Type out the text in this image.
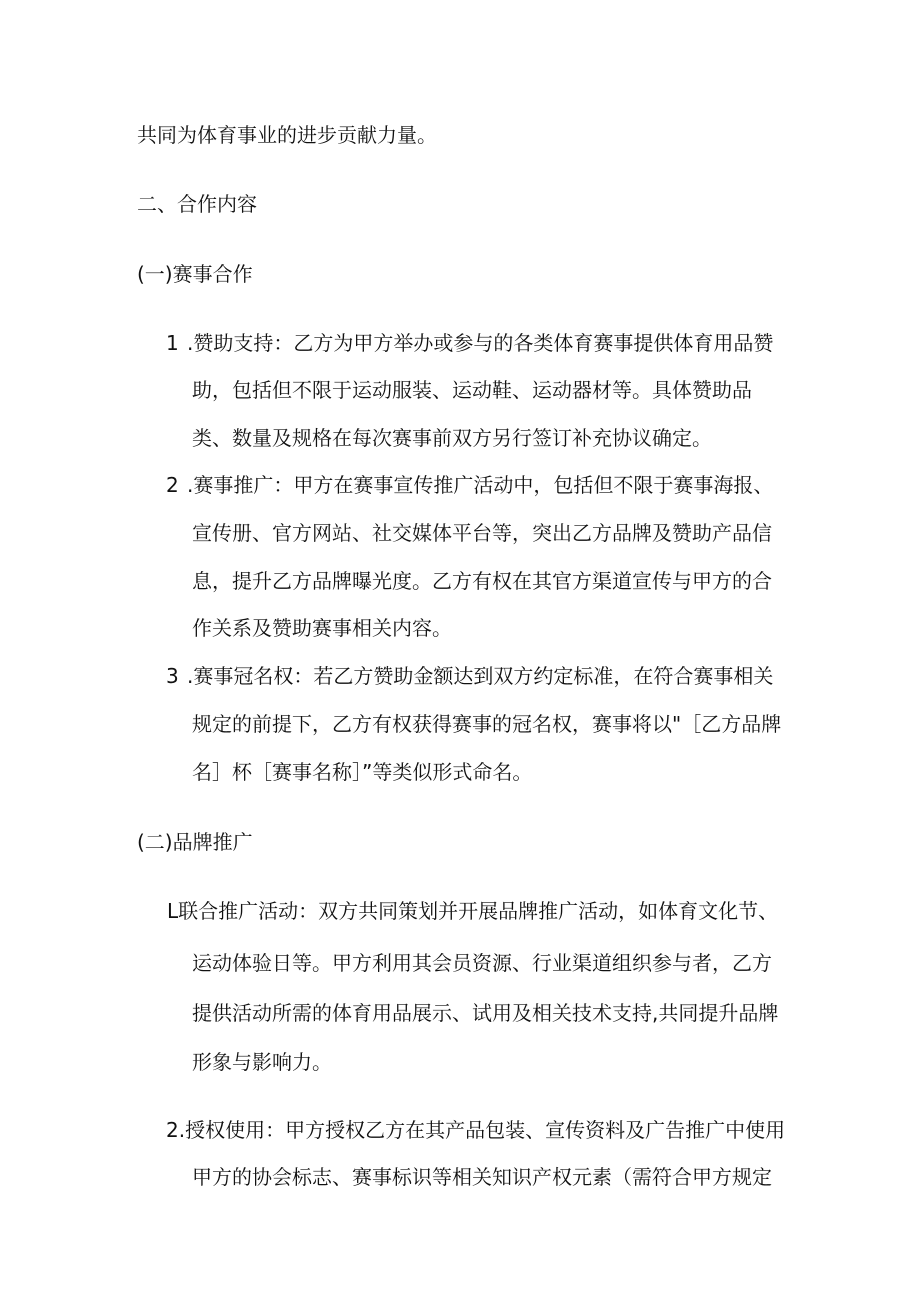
共同为体育事业的进步贡献力量。

二、合作内容

(一)赛事合作

1 .赞助支持：乙方为甲方举办或参与的各类体育赛事提供体育用品赞

助，包括但不限于运动服装、运动鞋、运动器材等。具体赞助品

类、数量及规格在每次赛事前双方另行签订补充协议确定。

2 .赛事推广：甲方在赛事宣传推广活动中，包括但不限于赛事海报、

宣传册、官方网站、社交媒体平台等，突出乙方品牌及赞助产品信

息，提升乙方品牌曝光度。乙方有权在其官方渠道宣传与甲方的合

作关系及赞助赛事相关内容。

3 .赛事冠名权：若乙方赞助金额达到双方约定标准，在符合赛事相关

规定的前提下，乙方有权获得赛事的冠名权，赛事将以"［乙方品牌

名］杯［赛事名称］”等类似形式命名。

(二)品牌推广

L联合推广活动：双方共同策划并开展品牌推广活动，如体育文化节、

运动体验日等。甲方利用其会员资源、行业渠道组织参与者，乙方

提供活动所需的体育用品展示、试用及相关技术支持,共同提升品牌

形象与影响力。

2.授权使用：甲方授权乙方在其产品包装、宣传资料及广告推广中使用

甲方的协会标志、赛事标识等相关知识产权元素（需符合甲方规定
